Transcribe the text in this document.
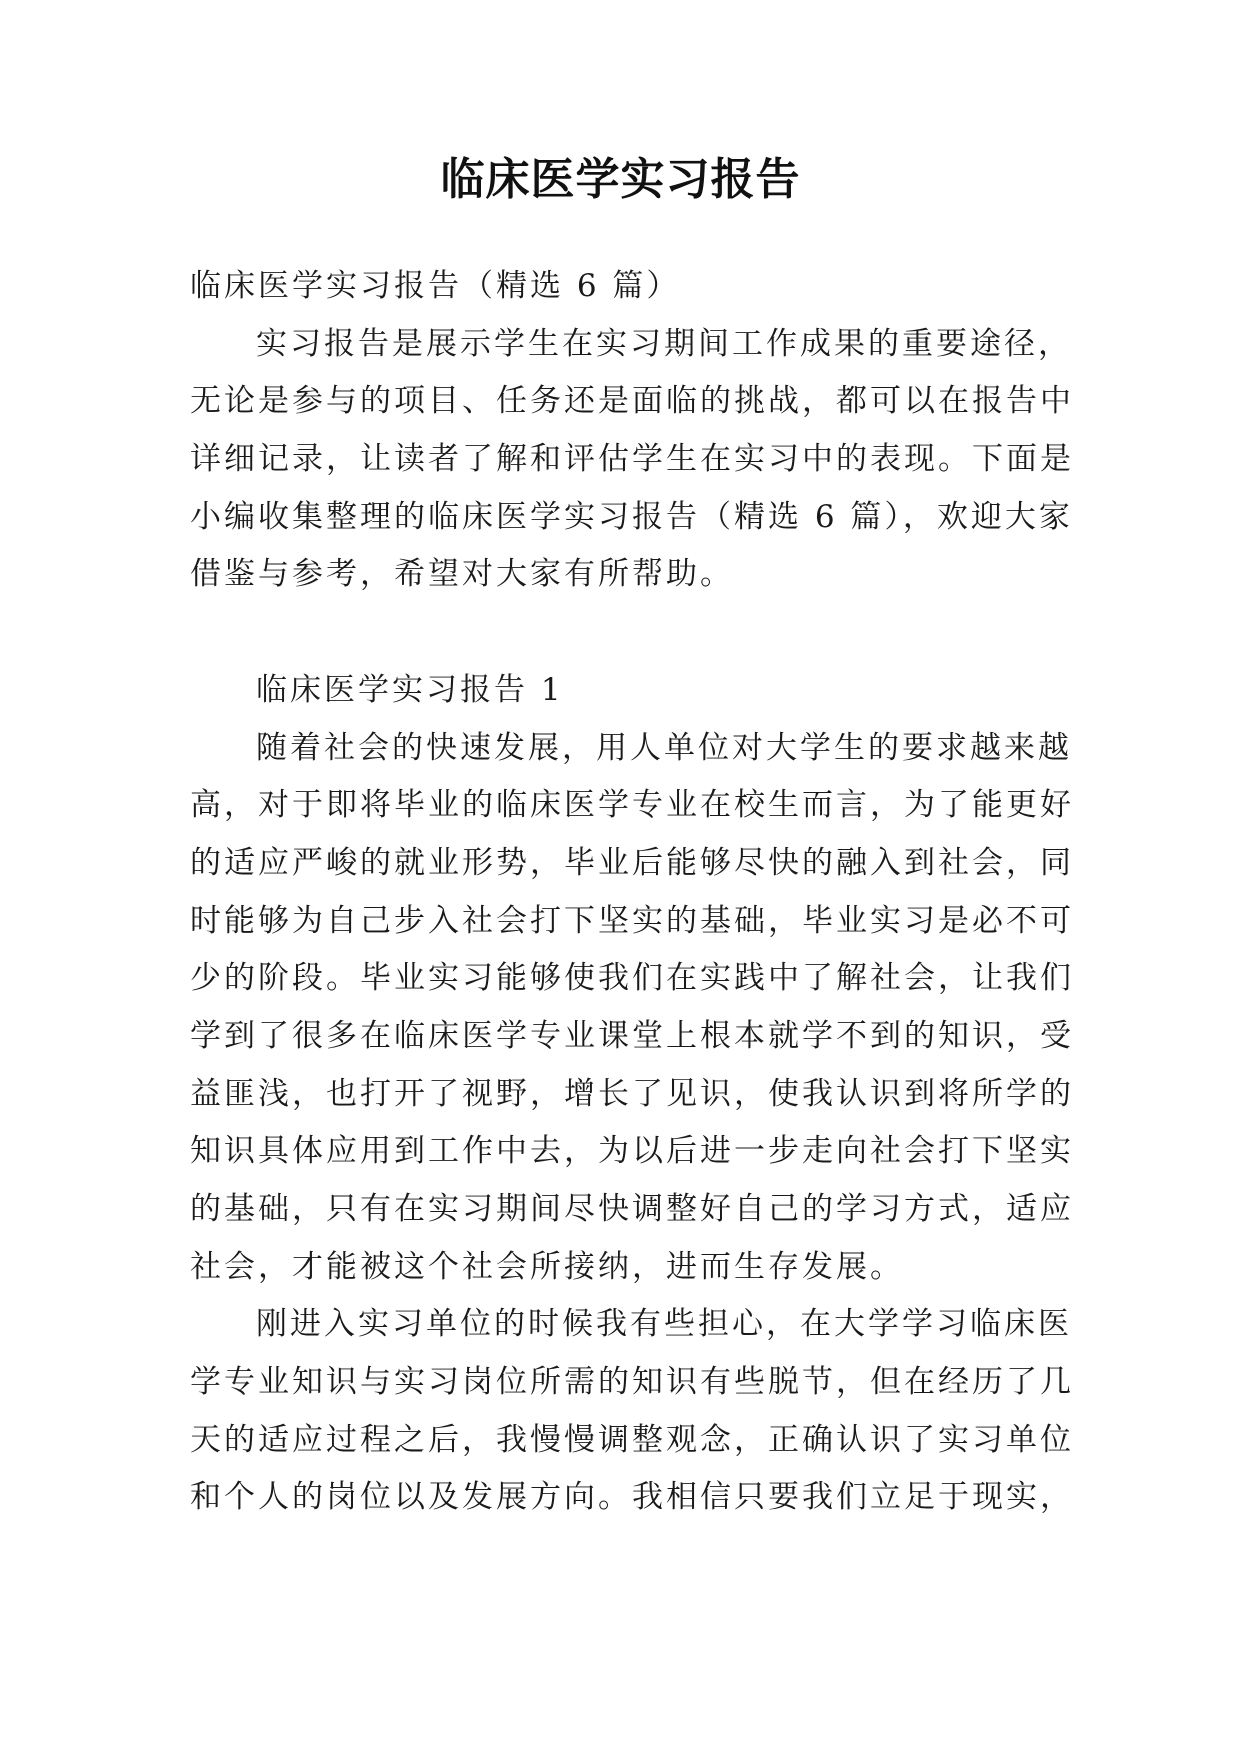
临床医学实习报告
临床医学实习报告（精选 6 篇）
实习报告是展示学生在实习期间工作成果的重要途径，
无论是参与的项目、任务还是面临的挑战，都可以在报告中
详细记录，让读者了解和评估学生在实习中的表现。下面是
小编收集整理的临床医学实习报告（精选 6 篇），欢迎大家
借鉴与参考，希望对大家有所帮助。
临床医学实习报告 1
随着社会的快速发展，用人单位对大学生的要求越来越
高，对于即将毕业的临床医学专业在校生而言，为了能更好
的适应严峻的就业形势，毕业后能够尽快的融入到社会，同
时能够为自己步入社会打下坚实的基础，毕业实习是必不可
少的阶段。毕业实习能够使我们在实践中了解社会，让我们
学到了很多在临床医学专业课堂上根本就学不到的知识，受
益匪浅，也打开了视野，增长了见识，使我认识到将所学的
知识具体应用到工作中去，为以后进一步走向社会打下坚实
的基础，只有在实习期间尽快调整好自己的学习方式，适应
社会，才能被这个社会所接纳，进而生存发展。
刚进入实习单位的时候我有些担心，在大学学习临床医
学专业知识与实习岗位所需的知识有些脱节，但在经历了几
天的适应过程之后，我慢慢调整观念，正确认识了实习单位
和个人的岗位以及发展方向。我相信只要我们立足于现实，
